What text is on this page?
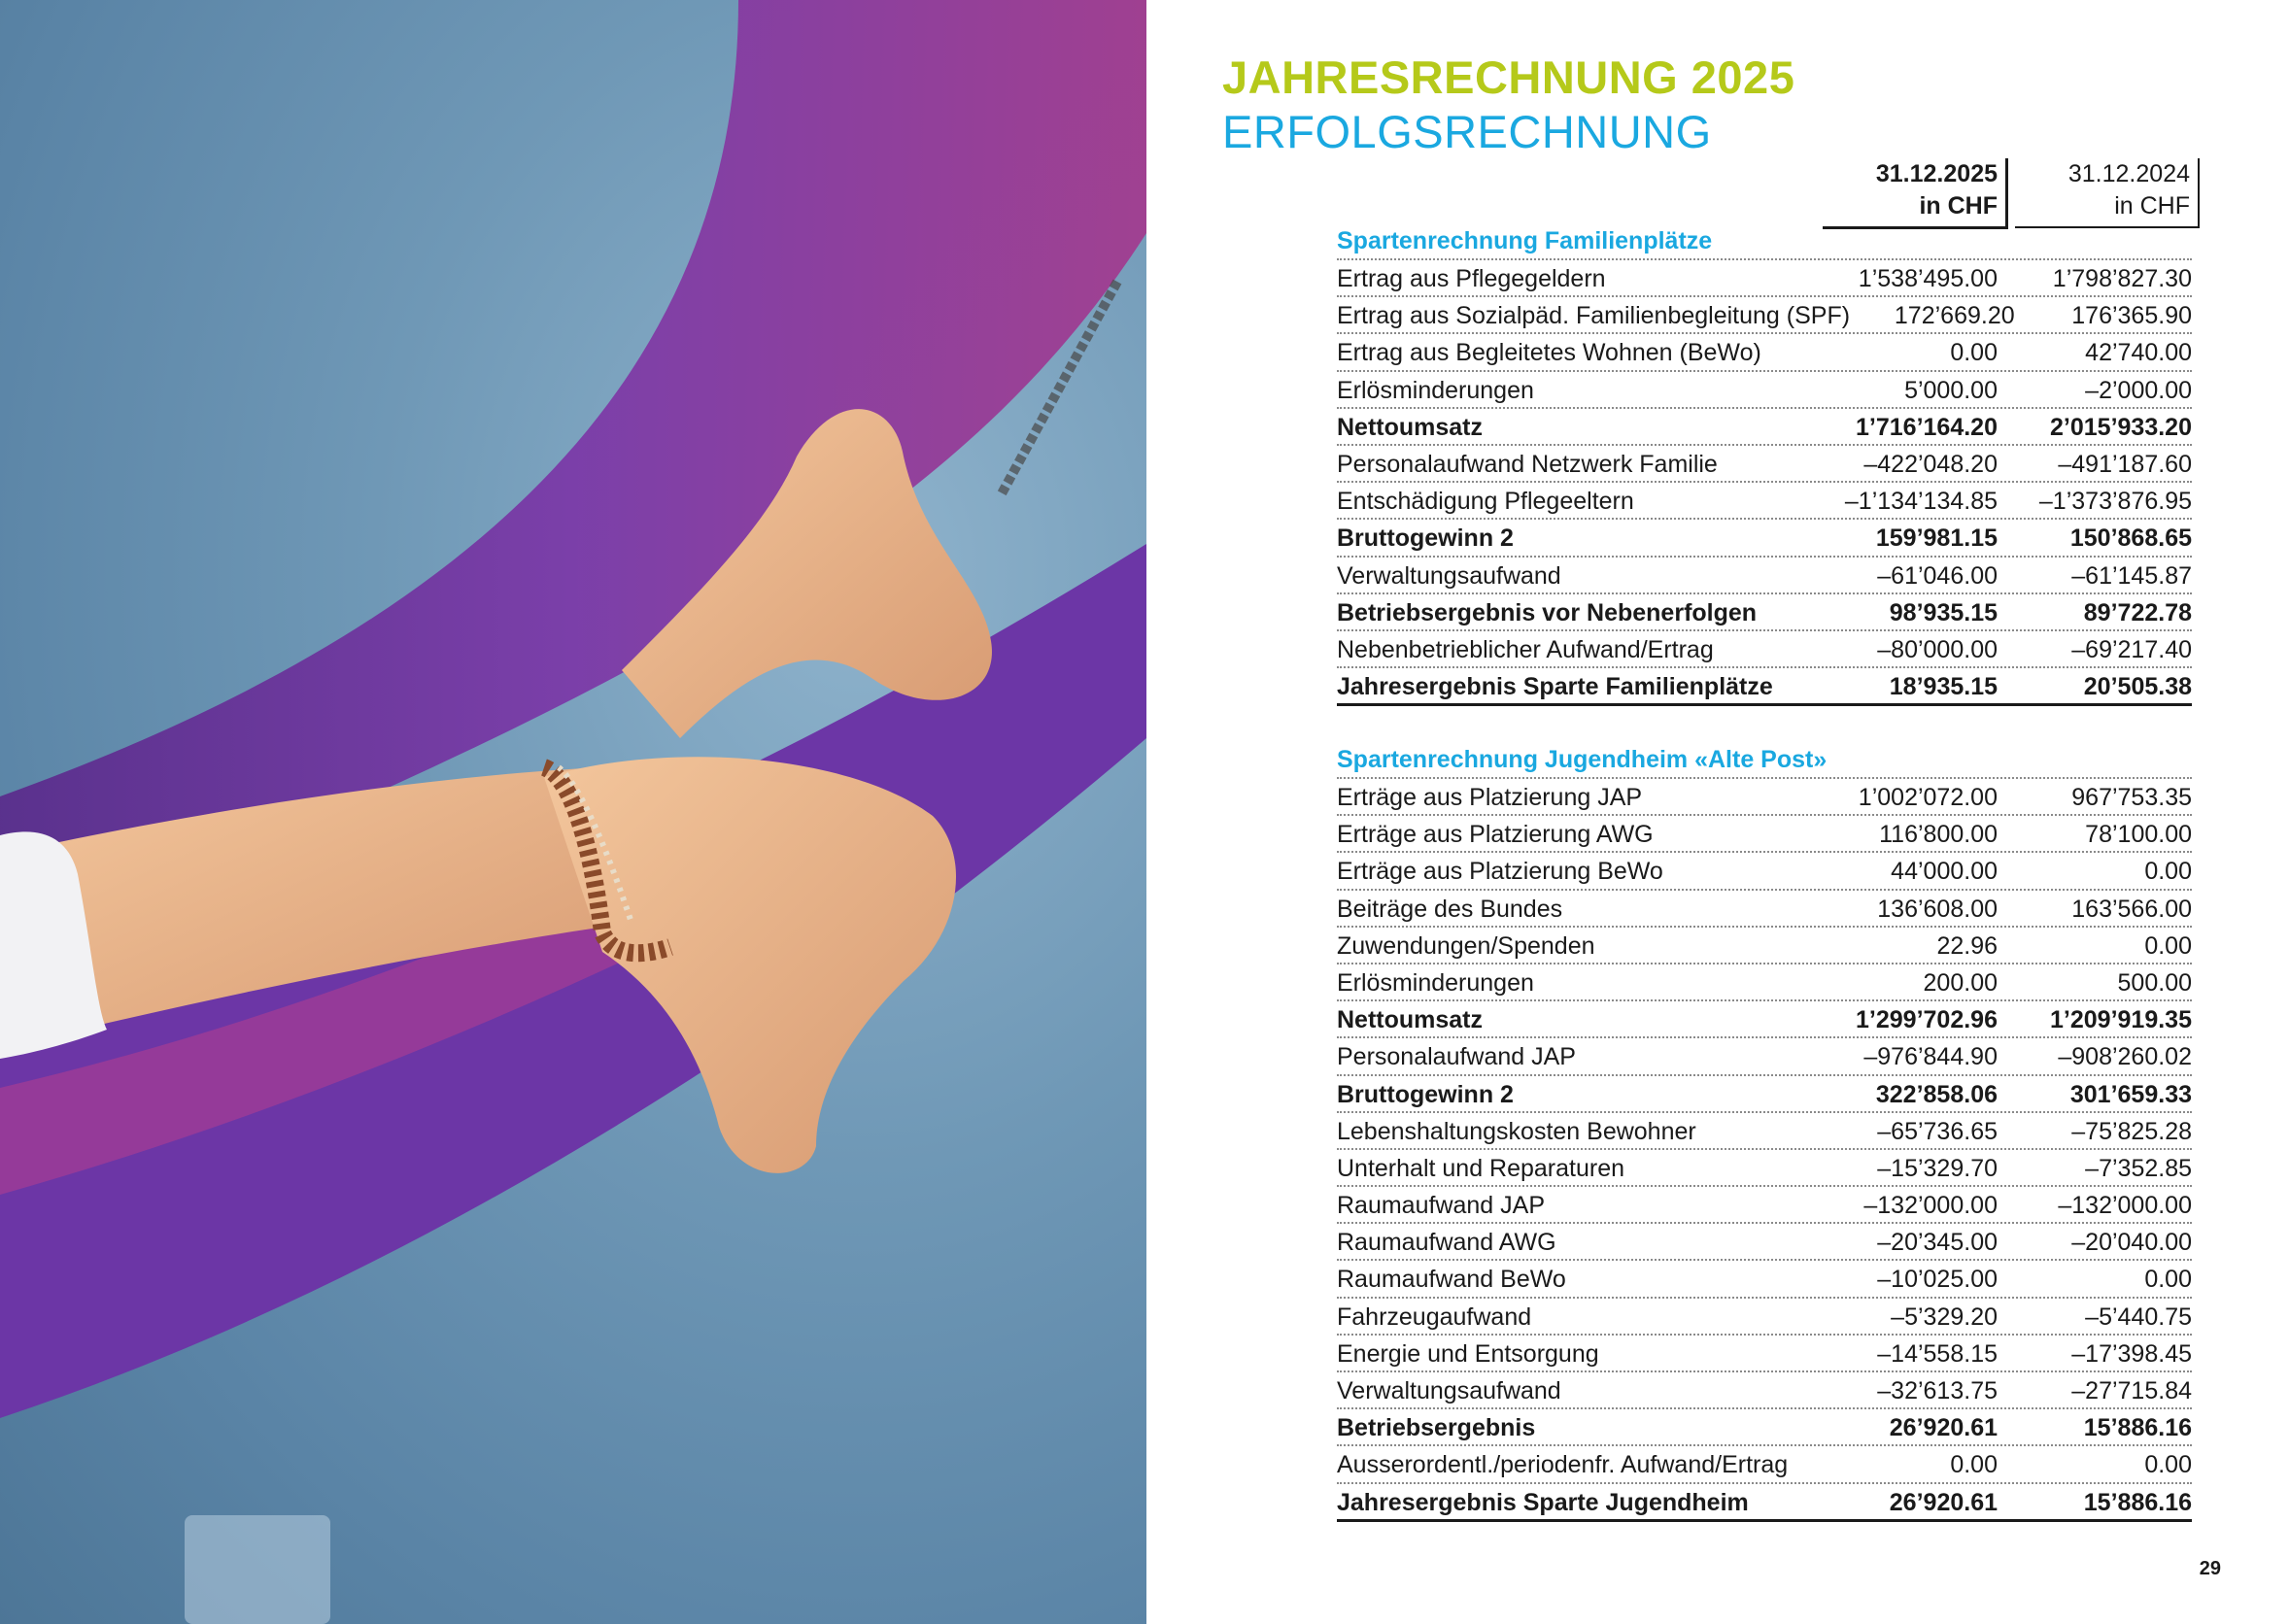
JAHRESRECHNUNG 2025
ERFOLGSRECHNUNG
31.12.2025
in CHF
31.12.2024
in CHF
Spartenrechnung Familienplätze
Ertrag aus Pflegegeldern	1’538’495.00	1’798’827.30
Ertrag aus Sozialpäd. Familienbegleitung (SPF)	172’669.20	176’365.90
Ertrag aus Begleitetes Wohnen (BeWo)	0.00	42’740.00
Erlösminderungen	5’000.00	–2’000.00
Nettoumsatz	1’716’164.20	2’015’933.20
Personalaufwand Netzwerk Familie	–422’048.20	–491’187.60
Entschädigung Pflegeeltern	–1’134’134.85	–1’373’876.95
Bruttogewinn 2	159’981.15	150’868.65
Verwaltungsaufwand	–61’046.00	–61’145.87
Betriebsergebnis vor Nebenerfolgen	98’935.15	89’722.78
Nebenbetrieblicher Aufwand/Ertrag	–80’000.00	–69’217.40
Jahresergebnis Sparte Familienplätze	18’935.15	20’505.38
Spartenrechnung Jugendheim «Alte Post»
Erträge aus Platzierung JAP	1’002’072.00	967’753.35
Erträge aus Platzierung AWG	116’800.00	78’100.00
Erträge aus Platzierung BeWo	44’000.00	0.00
Beiträge des Bundes	136’608.00	163’566.00
Zuwendungen/Spenden	22.96	0.00
Erlösminderungen	200.00	500.00
Nettoumsatz	1’299’702.96	1’209’919.35
Personalaufwand JAP	–976’844.90	–908’260.02
Bruttogewinn 2	322’858.06	301’659.33
Lebenshaltungskosten Bewohner	–65’736.65	–75’825.28
Unterhalt und Reparaturen	–15’329.70	–7’352.85
Raumaufwand JAP	–132’000.00	–132’000.00
Raumaufwand AWG	–20’345.00	–20’040.00
Raumaufwand BeWo	–10’025.00	0.00
Fahrzeugaufwand	–5’329.20	–5’440.75
Energie und Entsorgung	–14’558.15	–17’398.45
Verwaltungsaufwand	–32’613.75	–27’715.84
Betriebsergebnis	26’920.61	15’886.16
Ausserordentl./periodenfr. Aufwand/Ertrag	0.00	0.00
Jahresergebnis Sparte Jugendheim	26’920.61	15’886.16
29
